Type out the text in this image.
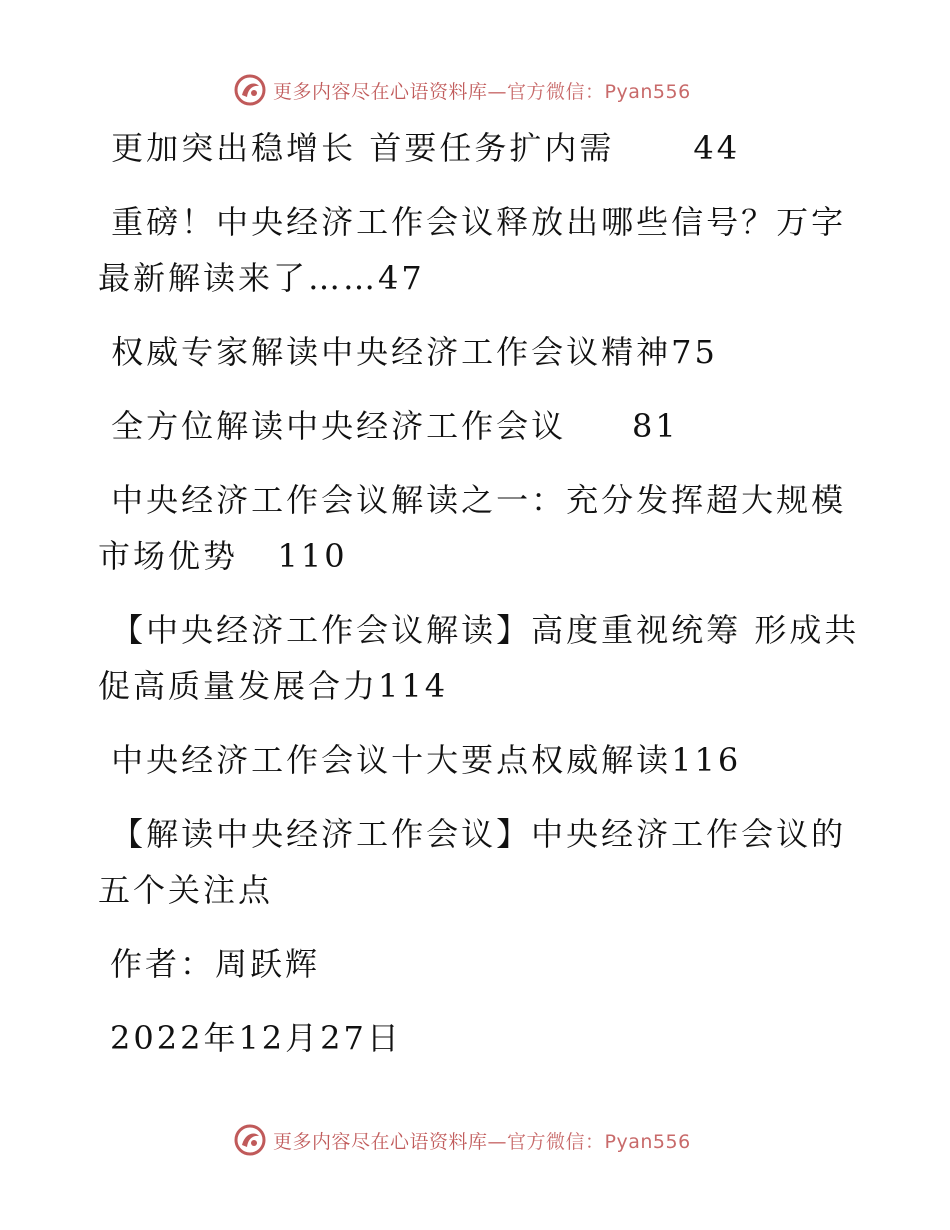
更多内容尽在心语资料库—官方微信：Pyan556
更加突出稳增长 首要任务扩内需      44
重磅！中央经济工作会议释放出哪些信号？万字
最新解读来了……47
权威专家解读中央经济工作会议精神75
全方位解读中央经济工作会议     81
中央经济工作会议解读之一：充分发挥超大规模
市场优势   110
【中央经济工作会议解读】高度重视统筹 形成共
促高质量发展合力114
中央经济工作会议十大要点权威解读116
【解读中央经济工作会议】中央经济工作会议的
五个关注点
作者：周跃辉
2022年12月27日
更多内容尽在心语资料库—官方微信：Pyan556
